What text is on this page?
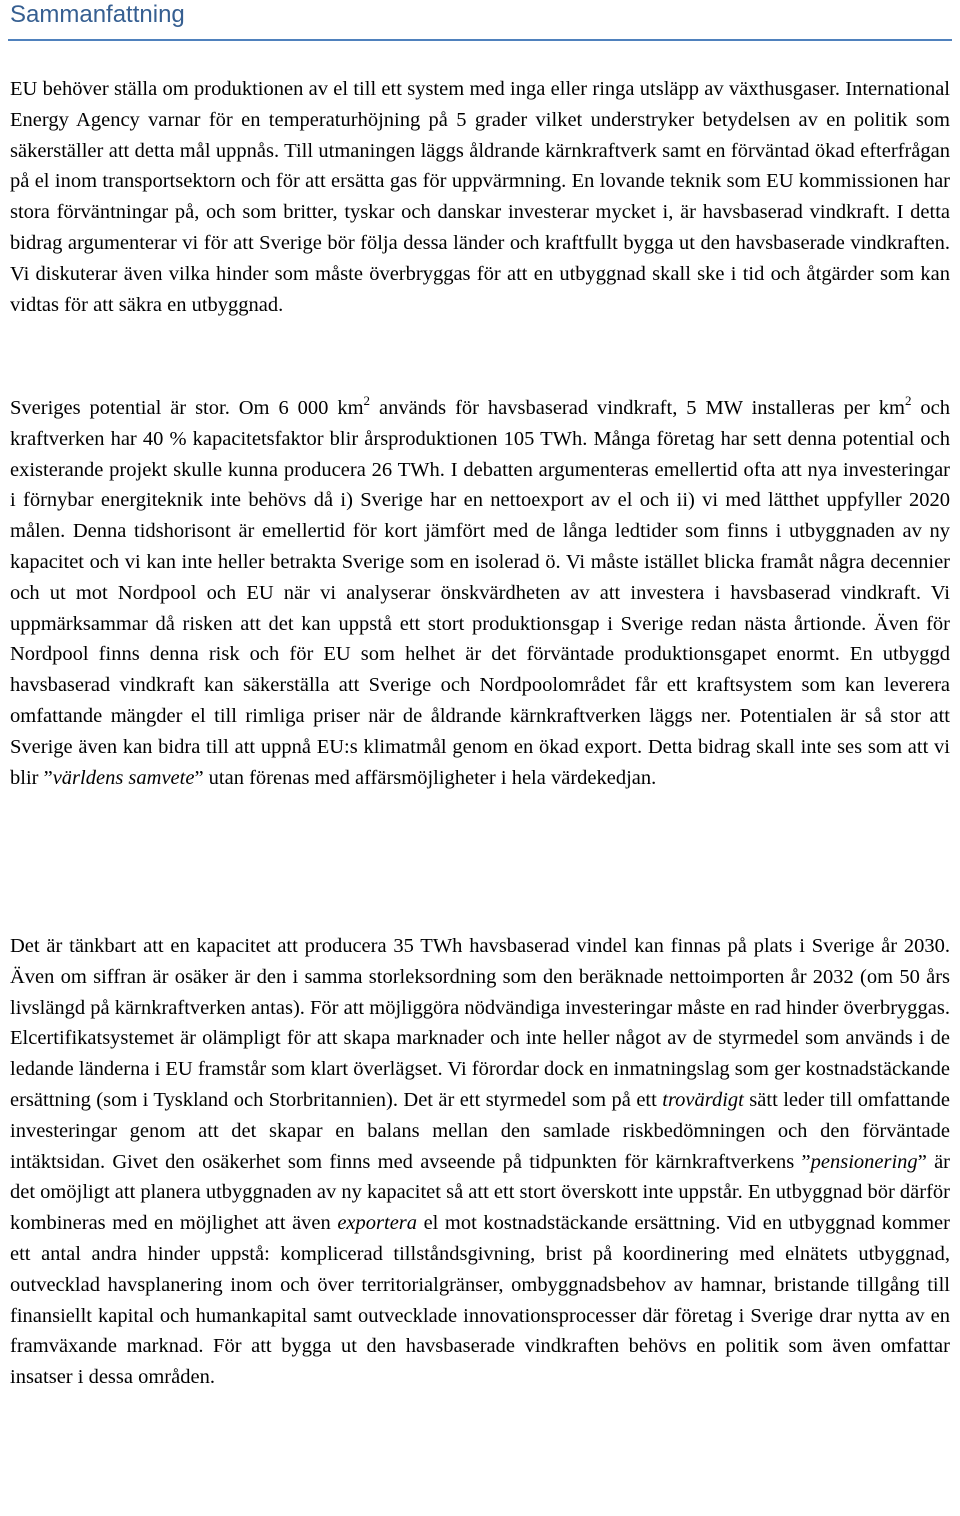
Sammanfattning

EU behöver ställa om produktionen av el till ett system med inga eller ringa utsläpp av växthusgaser. International Energy Agency varnar för en temperaturhöjning på 5 grader vilket understryker betydelsen av en politik som säkerställer att detta mål uppnås. Till utmaningen läggs åldrande kärnkraftverk samt en förväntad ökad efterfrågan på el inom transportsektorn och för att ersätta gas för uppvärmning. En lovande teknik som EU kommissionen har stora förväntningar på, och som britter, tyskar och danskar investerar mycket i, är havsbaserad vindkraft. I detta bidrag argumenterar vi för att Sverige bör följa dessa länder och kraftfullt bygga ut den havsbaserade vindkraften. Vi diskuterar även vilka hinder som måste överbryggas för att en utbyggnad skall ske i tid och åtgärder som kan vidtas för att säkra en utbyggnad.

Sveriges potential är stor. Om 6 000 $km^2$ används för havsbaserad vindkraft, 5 MW installeras per $km^2$ och kraftverken har 40 % kapacitetsfaktor blir årsproduktionen 105 TWh. Många företag har sett denna potential och existerande projekt skulle kunna producera 26 TWh. I debatten argumenteras emellertid ofta att nya investeringar i förnybar energiteknik inte behövs då i) Sverige har en nettoexport av el och ii) vi med lätthet uppfyller 2020 målen. Denna tidshorisont är emellertid för kort jämfört med de långa ledtider som finns i utbyggnaden av ny kapacitet och vi kan inte heller betrakta Sverige som en isolerad ö. Vi måste istället blicka framåt några decennier och ut mot Nordpool och EU när vi analyserar önskvärdheten av att investera i havsbaserad vindkraft. Vi uppmärksammar då risken att det kan uppstå ett stort produktionsgap i Sverige redan nästa årtionde. Även för Nordpool finns denna risk och för EU som helhet är det förväntade produktionsgapet enormt. En utbyggd havsbaserad vindkraft kan säkerställa att Sverige och Nordpoolområdet får ett kraftsystem som kan leverera omfattande mängder el till rimliga priser när de åldrande kärnkraftverken läggs ner. Potentialen är så stor att Sverige även kan bidra till att uppnå EU:s klimatmål genom en ökad export. Detta bidrag skall inte ses som att vi blir ”världens samvete” utan förenas med affärsmöjligheter i hela värdekedjan.

Det är tänkbart att en kapacitet att producera 35 TWh havsbaserad vindel kan finnas på plats i Sverige år 2030. Även om siffran är osäker är den i samma storleksordning som den beräknade nettoimporten år 2032 (om 50 års livslängd på kärnkraftverken antas). För att möjliggöra nödvändiga investeringar måste en rad hinder överbryggas. Elcertifikatsystemet är olämpligt för att skapa marknader och inte heller något av de styrmedel som används i de ledande länderna i EU framstår som klart överlägset. Vi förordar dock en inmatningslag som ger kostnadstäckande ersättning (som i Tyskland och Storbritannien). Det är ett styrmedel som på ett trovärdigt sätt leder till omfattande investeringar genom att det skapar en balans mellan den samlade riskbedömningen och den förväntade intäktsidan. Givet den osäkerhet som finns med avseende på tidpunkten för kärnkraftverkens ”pensionering” är det omöjligt att planera utbyggnaden av ny kapacitet så att ett stort överskott inte uppstår. En utbyggnad bör därför kombineras med en möjlighet att även exportera el mot kostnadstäckande ersättning. Vid en utbyggnad kommer ett antal andra hinder uppstå: komplicerad tillståndsgivning, brist på koordinering med elnätets utbyggnad, outvecklad havsplanering inom och över territorialgränser, ombyggnadsbehov av hamnar, bristande tillgång till finansiellt kapital och humankapital samt outvecklade innovationsprocesser där företag i Sverige drar nytta av en framväxande marknad. För att bygga ut den havsbaserade vindkraften behövs en politik som även omfattar insatser i dessa områden.
